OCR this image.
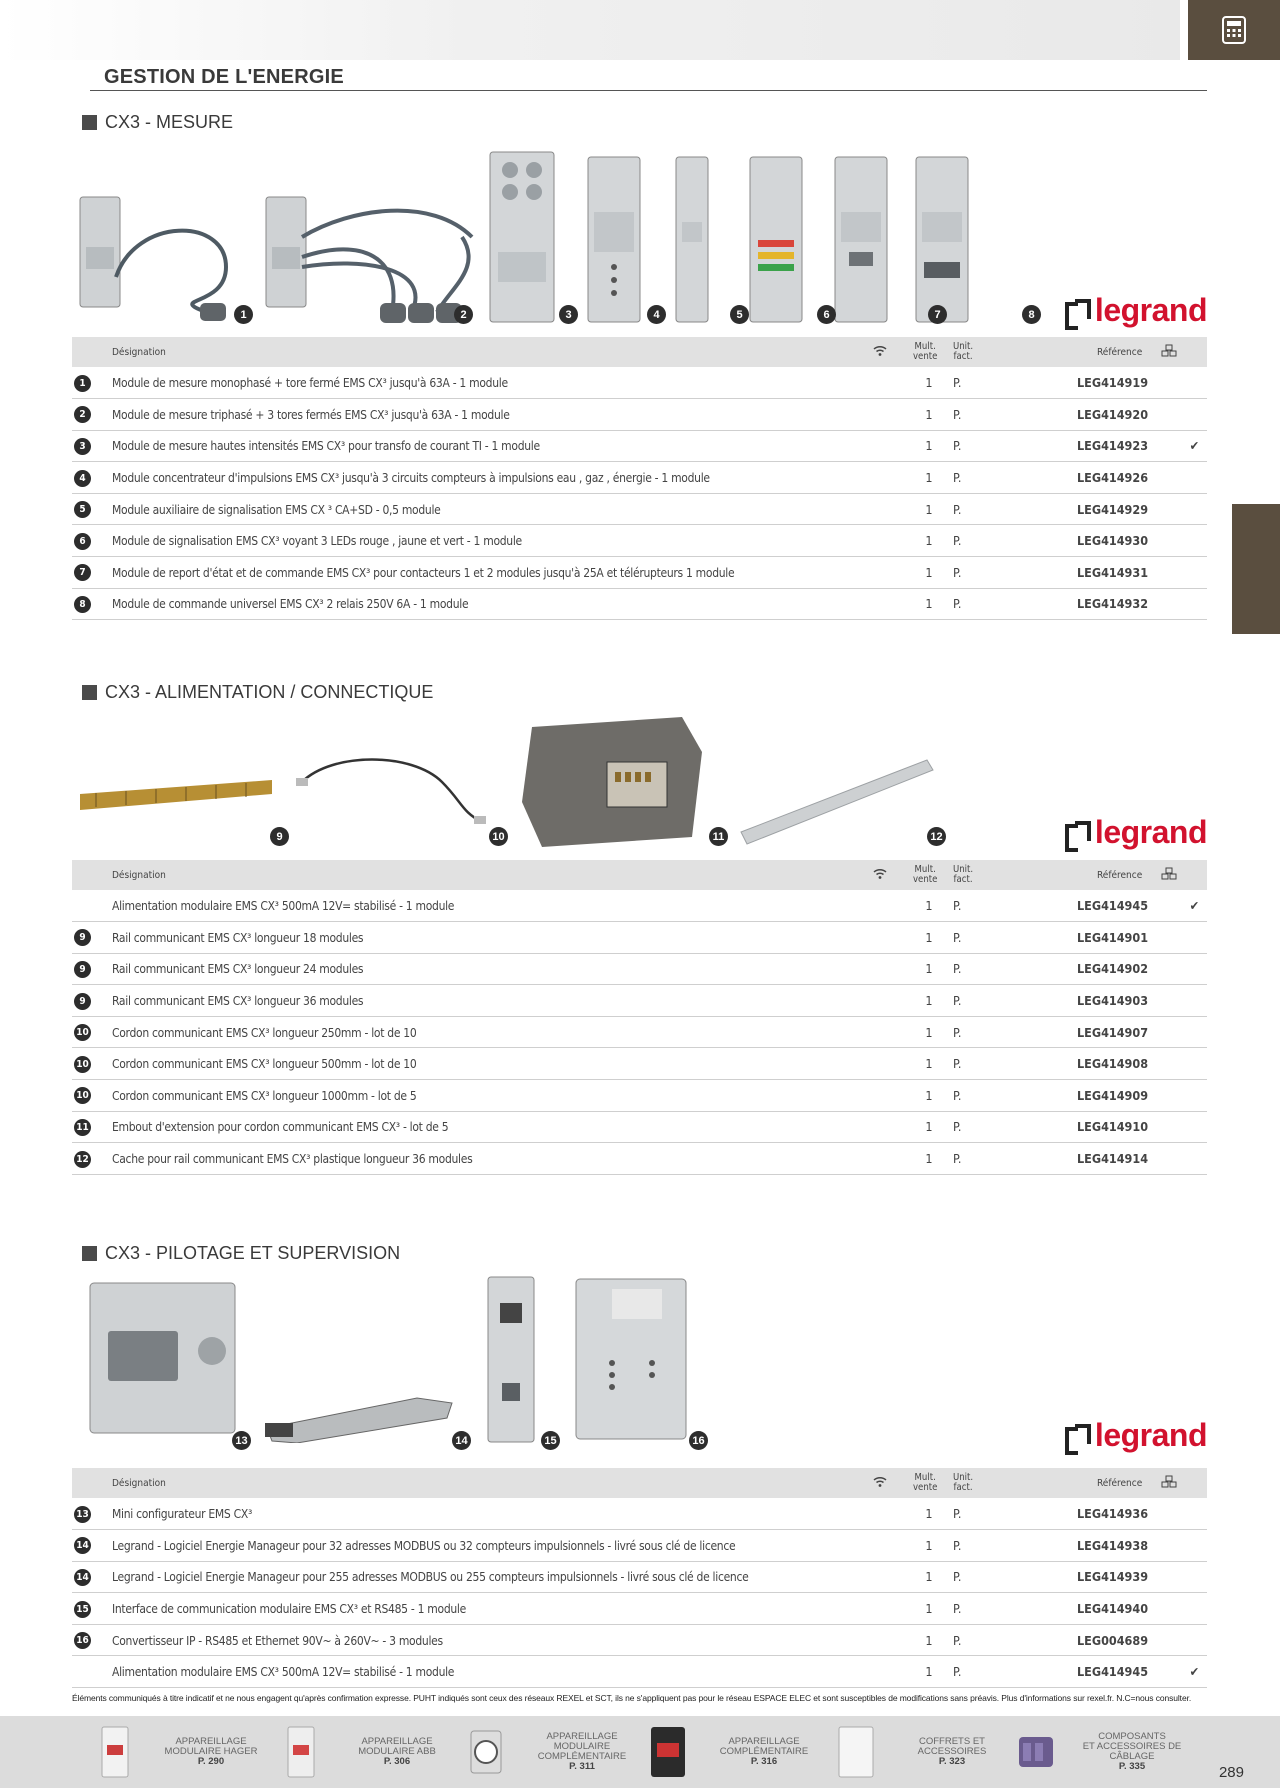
GESTION DE L'ENERGIE
CX3 - MESURE
1	2	3	4	5	6	7	8 legrand
	Désignation		Mult.
vente	Unit.
fact.	Référence	
1	Module de mesure monophasé + tore fermé EMS CX³ jusqu'à 63A - 1 module		1	P.	LEG414919	
2	Module de mesure triphasé + 3 tores fermés EMS CX³ jusqu'à 63A - 1 module		1	P.	LEG414920	
3	Module de mesure hautes intensités EMS CX³ pour transfo de courant TI - 1 module		1	P.	LEG414923	✔
4	Module concentrateur d'impulsions EMS CX³ jusqu'à 3 circuits compteurs à impulsions eau , gaz , énergie - 1 module		1	P.	LEG414926	
5	Module auxiliaire de signalisation EMS CX ³ CA+SD - 0,5 module		1	P.	LEG414929	
6	Module de signalisation EMS CX³ voyant 3 LEDs rouge , jaune et vert - 1 module		1	P.	LEG414930	
7	Module de report d'état et de commande EMS CX³ pour contacteurs 1 et 2 modules jusqu'à 25A et télérupteurs 1 module		1	P.	LEG414931	
8	Module de commande universel EMS CX³ 2 relais 250V 6A - 1 module		1	P.	LEG414932	
CX3 - ALIMENTATION / CONNECTIQUE
9	10	11	12	legrand
	Désignation		Mult.
vente	Unit.
fact.	Référence	
	Alimentation modulaire EMS CX³ 500mA 12V= stabilisé - 1 module		1	P.	LEG414945	✔
9	Rail communicant EMS CX³ longueur 18 modules		1	P.	LEG414901	
9	Rail communicant EMS CX³ longueur 24 modules		1	P.	LEG414902	
9	Rail communicant EMS CX³ longueur 36 modules		1	P.	LEG414903	
10	Cordon communicant EMS CX³ longueur 250mm - lot de 10		1	P.	LEG414907	
10	Cordon communicant EMS CX³ longueur 500mm - lot de 10		1	P.	LEG414908	
10	Cordon communicant EMS CX³ longueur 1000mm - lot de 5		1	P.	LEG414909	
11	Embout d'extension pour cordon communicant EMS CX³ - lot de 5		1	P.	LEG414910	
12	Cache pour rail communicant EMS CX³ plastique longueur 36 modules		1	P.	LEG414914	
CX3 - PILOTAGE ET SUPERVISION
13	14	15	16	legrand
	Désignation		Mult.
vente	Unit.
fact.	Référence	
13	Mini configurateur EMS CX³		1	P.	LEG414936	
14	Legrand - Logiciel Energie Manageur pour 32 adresses MODBUS ou 32 compteurs impulsionnels - livré sous clé de licence		1	P.	LEG414938	
14	Legrand - Logiciel Energie Manageur pour 255 adresses MODBUS ou 255 compteurs impulsionnels - livré sous clé de licence		1	P.	LEG414939	
15	Interface de communication modulaire EMS CX³ et RS485 - 1 module		1	P.	LEG414940	
16	Convertisseur IP - RS485 et Ethernet 90V~ à 260V~ - 3 modules		1	P.	LEG004689	
	Alimentation modulaire EMS CX³ 500mA 12V= stabilisé - 1 module		1	P.	LEG414945	✔
Éléments communiqués à titre indicatif et ne nous engagent qu'après confirmation expresse. PUHT indiqués sont ceux des réseaux REXEL et SCT, ils ne s'appliquent pas pour le réseau ESPACE ELEC et sont susceptibles de modifications sans préavis. Plus d'informations sur rexel.fr. N.C=nous consulter.
APPAREILLAGE
MODULAIRE HAGER
P. 290
APPAREILLAGE
MODULAIRE ABB
P. 306
APPAREILLAGE MODULAIRE
COMPLÉMENTAIRE
P. 311
APPAREILLAGE
COMPLÉMENTAIRE
P. 316
COFFRETS ET ACCESSOIRES

P. 323
COMPOSANTS
ET ACCESSOIRES DE CÂBLAGE
P. 335	289
